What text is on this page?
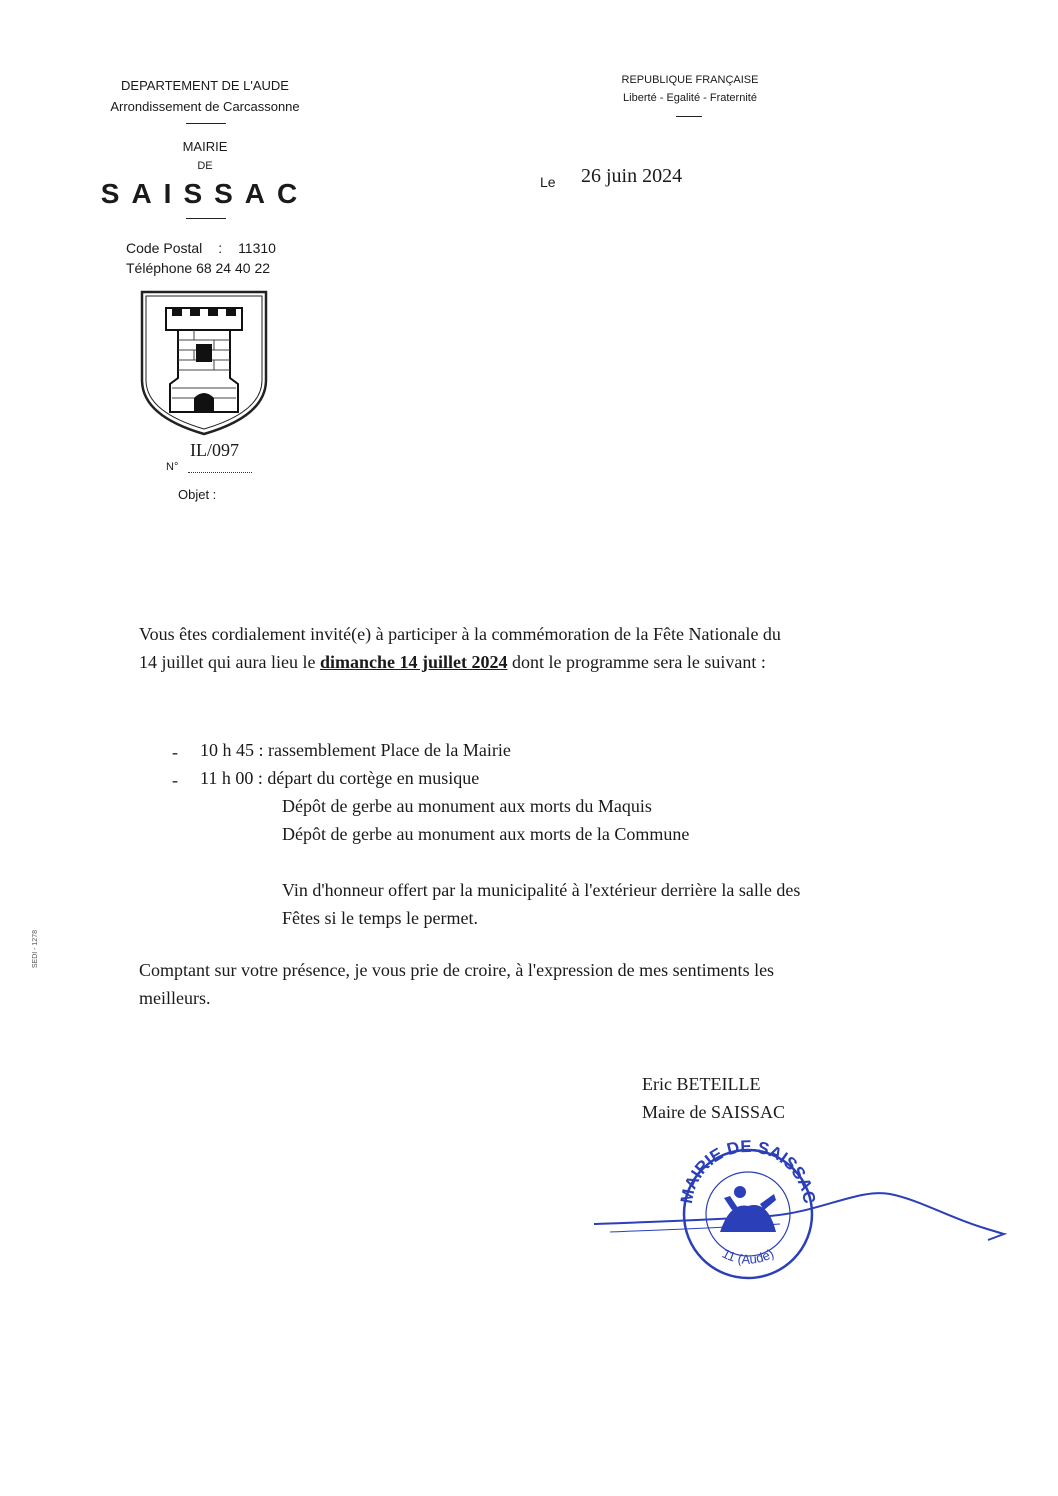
DEPARTEMENT DE L'AUDE
Arrondissement de Carcassonne
MAIRIE
DE
SAISSAC
Code Postal : 11310
Téléphone 68 24 40 22
IL/097
N°
Objet :
REPUBLIQUE FRANÇAISE
Liberté - Egalité - Fraternité
Le 26 juin 2024
Vous êtes cordialement invité(e) à participer à la commémoration de la Fête Nationale du
14 juillet qui aura lieu le dimanche 14 juillet 2024 dont le programme sera le suivant :
- 10 h 45 : rassemblement Place de la Mairie
- 11 h 00 : départ du cortège en musique
Dépôt de gerbe au monument aux morts du Maquis
Dépôt de gerbe au monument aux morts de la Commune
Vin d'honneur offert par la municipalité à l'extérieur derrière la salle des
Fêtes si le temps le permet.
Comptant sur votre présence, je vous prie de croire, à l'expression de mes sentiments les
meilleurs.
Eric BETEILLE
Maire de SAISSAC
MAIRIE DE SAISSAC
11 (Aude)
SEDI - 1278
